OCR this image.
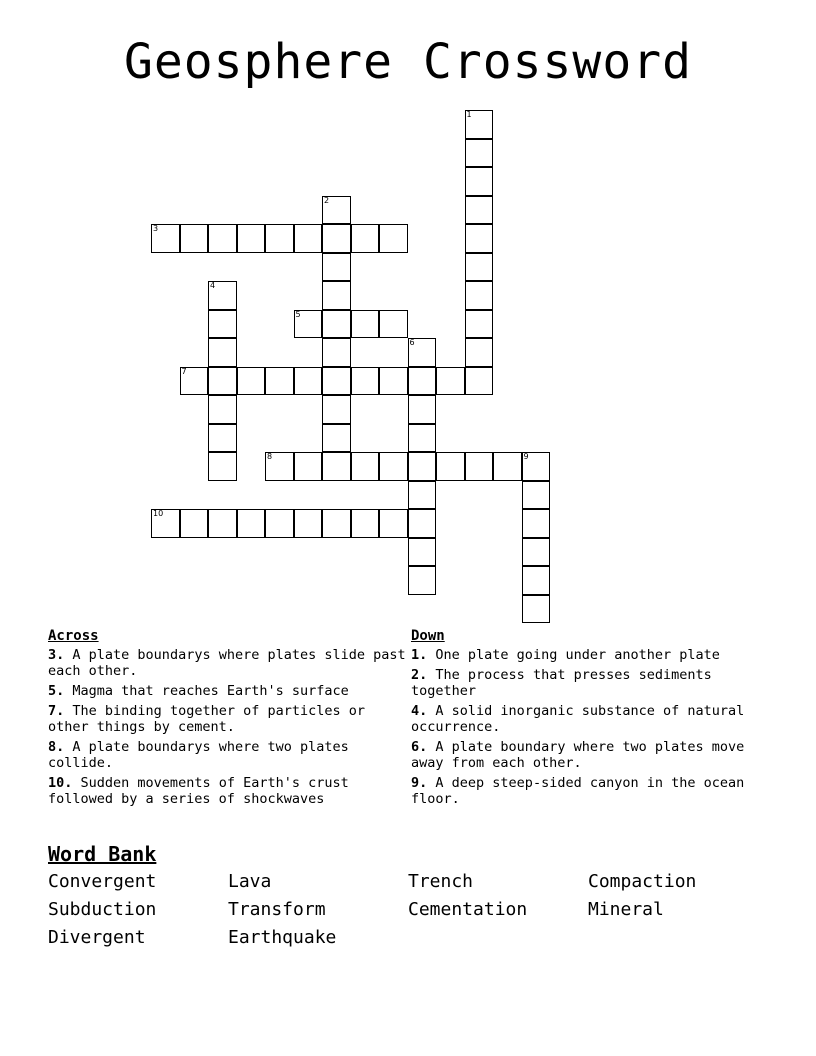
Geosphere Crossword
1
2
3
4
5
6
7
8	9
10
Across
3. A plate boundarys where plates slide past each other.
5. Magma that reaches Earth's surface
7. The binding together of particles or other things by cement.
8. A plate boundarys where two plates collide.
10. Sudden movements of Earth's crust followed by a series of shockwaves
Down
1. One plate going under another plate
2. The process that presses sediments together
4. A solid inorganic substance of natural occurrence.
6. A plate boundary where two plates move away from each other.
9. A deep steep-sided canyon in the ocean floor.
Word Bank
Convergent	Lava	Trench	Compaction
Subduction	Transform	Cementation	Mineral
Divergent	Earthquake
